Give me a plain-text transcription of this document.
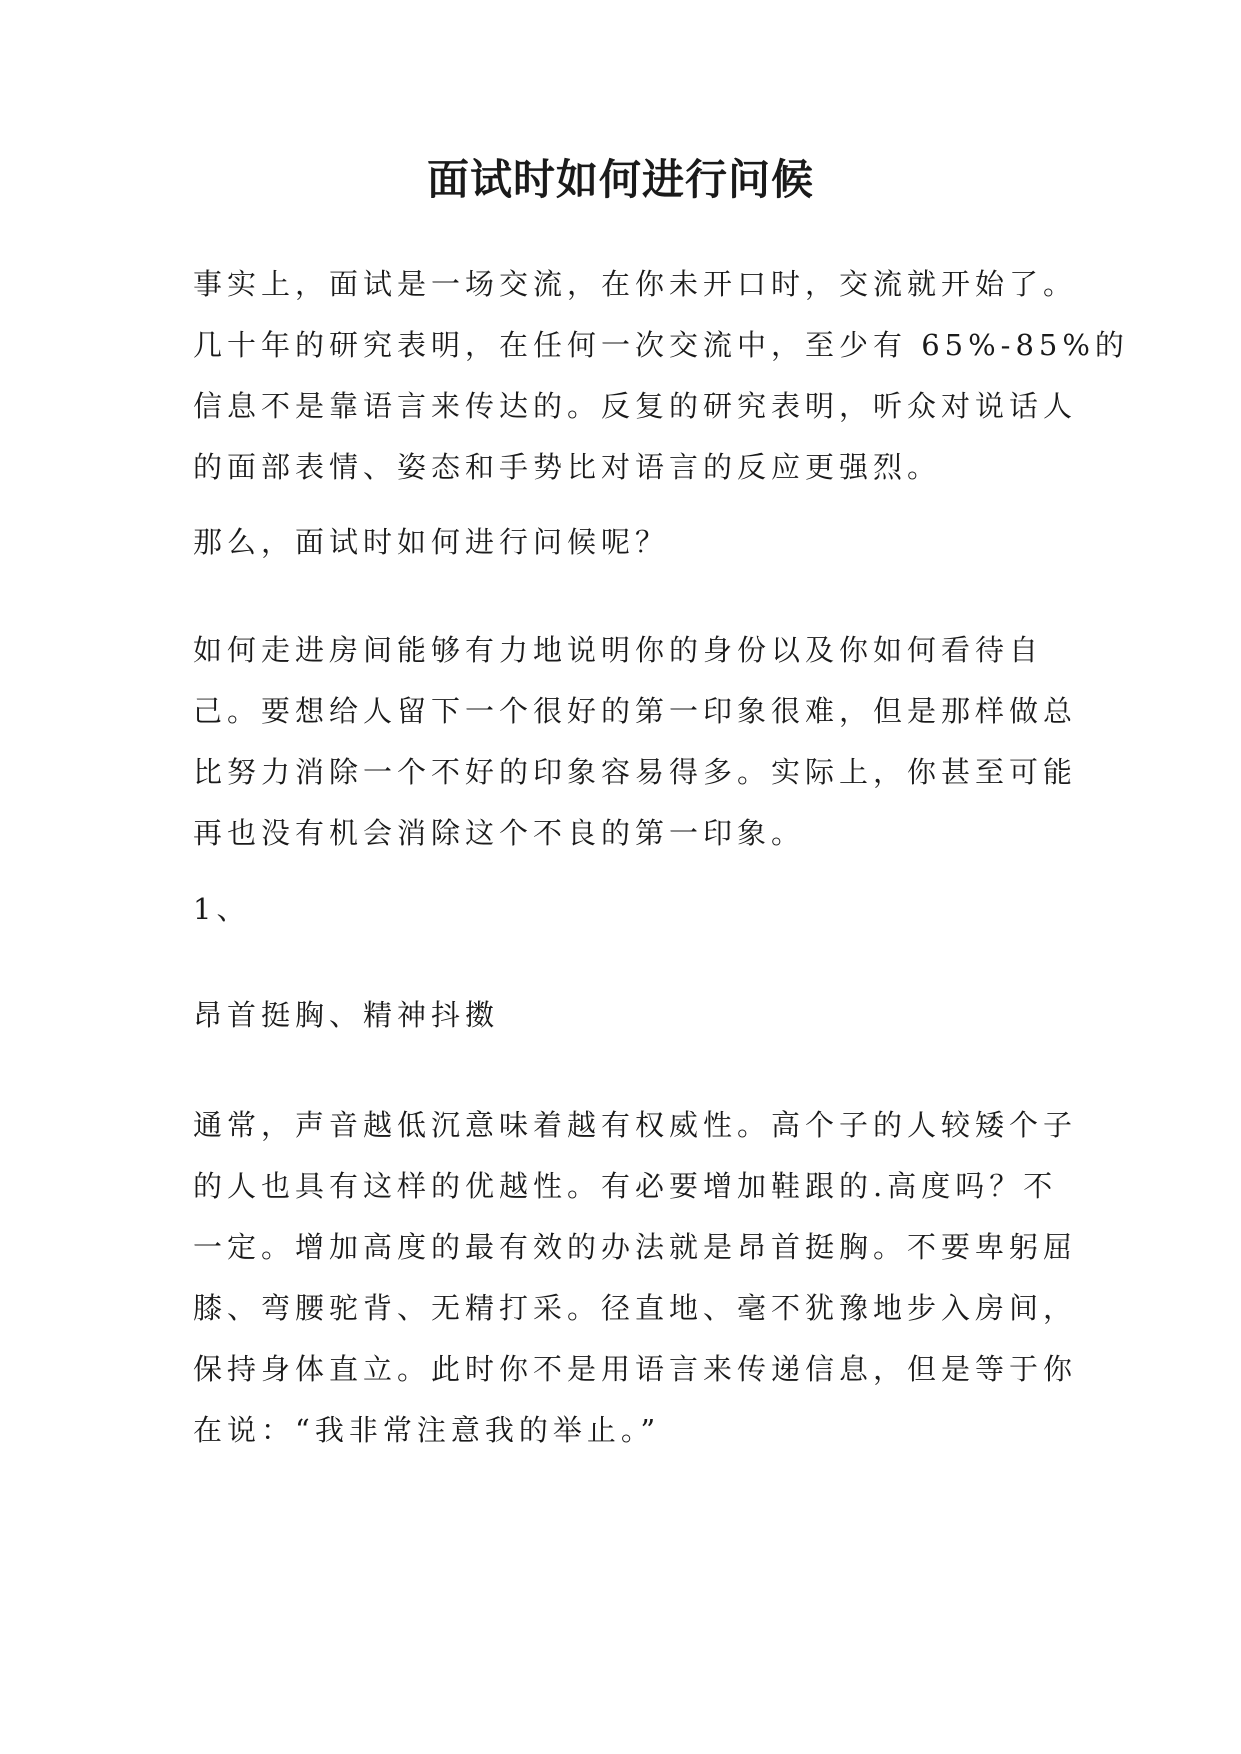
面试时如何进行问候

事实上，面试是一场交流，在你未开口时，交流就开始了。
几十年的研究表明，在任何一次交流中，至少有 65%-85%的
信息不是靠语言来传达的。反复的研究表明，听众对说话人
的面部表情、姿态和手势比对语言的反应更强烈。

那么，面试时如何进行问候呢？

如何走进房间能够有力地说明你的身份以及你如何看待自
己。要想给人留下一个很好的第一印象很难，但是那样做总
比努力消除一个不好的印象容易得多。实际上，你甚至可能
再也没有机会消除这个不良的第一印象。

1、

昂首挺胸、精神抖擞

通常，声音越低沉意味着越有权威性。高个子的人较矮个子
的人也具有这样的优越性。有必要增加鞋跟的.高度吗？不
一定。增加高度的最有效的办法就是昂首挺胸。不要卑躬屈
膝、弯腰驼背、无精打采。径直地、毫不犹豫地步入房间，
保持身体直立。此时你不是用语言来传递信息，但是等于你
在说：“我非常注意我的举止。”
